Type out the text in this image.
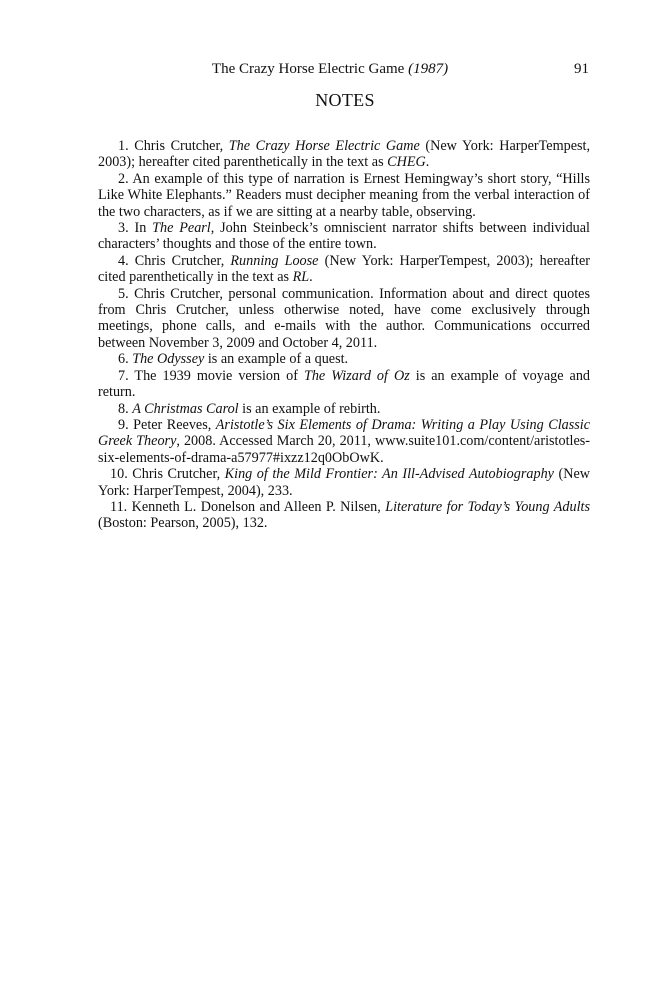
The Crazy Horse Electric Game (1987)	91
NOTES

1. Chris Crutcher, The Crazy Horse Electric Game (New York: HarperTempest, 2003); hereafter cited parenthetically in the text as CHEG.

2. An example of this type of narration is Ernest Hemingway’s short story, “Hills Like White Elephants.” Readers must decipher meaning from the verbal interaction of the two characters, as if we are sitting at a nearby table, observing.

3. In The Pearl, John Steinbeck’s omniscient narrator shifts between individual characters’ thoughts and those of the entire town.

4. Chris Crutcher, Running Loose (New York: HarperTempest, 2003); hereafter cited parenthetically in the text as RL.

5. Chris Crutcher, personal communication. Information about and direct quotes from Chris Crutcher, unless otherwise noted, have come exclusively through meetings, phone calls, and e-mails with the author. Communications occurred between November 3, 2009 and October 4, 2011.

6. The Odyssey is an example of a quest.

7. The 1939 movie version of The Wizard of Oz is an example of voyage and return.

8. A Christmas Carol is an example of rebirth.

9. Peter Reeves, Aristotle’s Six Elements of Drama: Writing a Play Using Classic Greek Theory, 2008. Accessed March 20, 2011, www.suite101.com/content/aristotles-six-elements-of-drama-a57977#ixzz12q0ObOwK.

10. Chris Crutcher, King of the Mild Frontier: An Ill-Advised Autobiography (New York: HarperTempest, 2004), 233.

11. Kenneth L. Donelson and Alleen P. Nilsen, Literature for Today’s Young Adults (Boston: Pearson, 2005), 132.
